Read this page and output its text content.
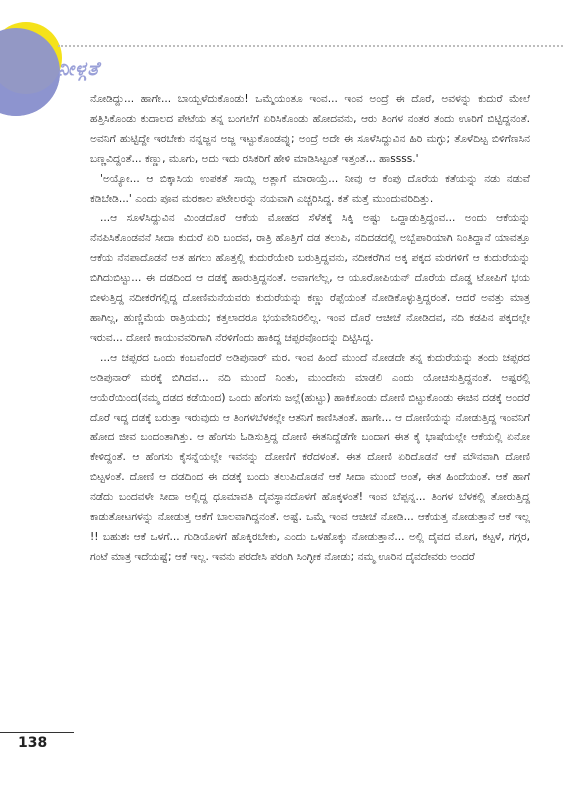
ನೀಳ್ಗತೆ

ನೋಡಿದ್ದು... ಹಾಗೇ... ಬಾಯ್ಬಳೆದುಕೊಂಡು! ಒಮ್ಮೆಯಂತೂ ಇಂವ... ಇಂವ ಅಂದ್ರೆ ಈ ದೊರೆ, ಅವಳನ್ನು ಕುದುರೆ ಮೇಲೆ ಹತ್ತಿಸಿಕೊಂಡು ಕುದಾಲದ ಪೇಟೆಯ ತನ್ನ ಬಂಗಲೆಗೆ ಏರಿಸಿಕೊಂಡು ಹೋದವನು, ಆರು ತಿಂಗಳ ನಂತರ ತಂದು ಊರಿಗೆ ಬಿಟ್ಟಿದ್ದನಂತೆ. ಅವನಿಗೆ ಹುಟ್ಟಿದ್ದೇ ಇರಬೇಕು ನನ್ನಜ್ಜನ ಅಜ್ಜ ಇಟ್ಟುಕೊಂಡವ್ನು; ಅಂದ್ರೆ ಅದೇ ಈ ಸೂಳೆಸಿದ್ದುವಿನ ಹಿರಿ ಮಗ್ಳು; ತೊಳೆದಿಟ್ಟ ಬಿಳಿಗೆಣಸಿನ ಬಣ್ಣವಿದ್ದಂತೆ... ಕಣ್ಣು, ಮೂಗು, ಅದು ಇದು ರಸಿಕರಿಗೆ ಹೇಳಿ ಮಾಡಿಸಿಟ್ಟಂತೆ ಇತ್ತಂತೆ... ಹಾssss.'

'ಅಯ್ಯೋ... ಆ ಬಿಕ್ಕಾಸಿಯ ಉಪಕತೆ ಸಾಯ್ಲಿ ಅತ್ಲಾಗೆ ಮಾರಾಯ್ರೆ... ನೀವು ಆ ಕೆಂಪು ದೊರೆಯ ಕತೆಯನ್ನು ನಡು ನಡುವೆ ಕಡಿಬೇಡಿ...' ಎಂದು ಪೂವ ಮರಕಾಲ ಪಟೇಲರನ್ನು ನಯವಾಗಿ ಎಚ್ಚರಿಸಿದ್ದ. ಕತೆ ಮತ್ತೆ ಮುಂದುವರಿದಿತ್ತು.

...ಆ ಸೂಳೆಸಿದ್ದುವಿನ ಮಿಂಡದೊರೆ ಆಕೆಯ ಮೋಹದ ಸೆಳೆತಕ್ಕೆ ಸಿಕ್ಕಿ ಅಷ್ಟು ಒದ್ದಾಡುತ್ತಿದ್ದಂವ... ಅಂದು ಆಕೆಯನ್ನು ನೆನಪಿಸಿಕೊಂಡವನೆ ಸೀದಾ ಕುದುರೆ ಏರಿ ಬಂದವ, ರಾತ್ರಿ ಹೊತ್ತಿಗೆ ದಡ ತಲುಪಿ, ನದಿದಡದಲ್ಲಿ ಅಬ್ಬೆಪಾರಿಯಾಗಿ ನಿಂತಿದ್ದಾನೆ ಯಾವತ್ತೂ ಆಕೆಯ ನೆನಪಾದೊಡನೆ ಅತ ಹಗಲು ಹೊತ್ತಲ್ಲಿ ಕುದುರೆಯೇರಿ ಬರುತ್ತಿದ್ದವನು, ನದೀಕರೆಗಿನ ಅಕ್ಕ ಪಕ್ಕದ ಮರಗಳಿಗೆ ಆ ಕುದುರೆಯನ್ನು ಬಿಗಿದುಬಿಟ್ಟು... ಈ ದಡದಿಂದ ಆ ದಡಕ್ಕೆ ಹಾರುತ್ತಿದ್ದನಂತೆ. ಅವಾಗಲೆಲ್ಲ, ಆ ಯೂರೋಪಿಯನ್ ದೊರೆಯ ದೊಡ್ಡ ಟೋಪಿಗೆ ಭಯ ಬೀಳುತ್ತಿದ್ದ ನದೀಕರೆಗಲ್ಲಿದ್ದ ದೋಣಿಮನೆಯವರು ಕುದುರೆಯನ್ನು ಕಣ್ಣು ರೆಪ್ಪೆಯಂತೆ ನೋಡಿಕೊಳ್ಳುತ್ತಿದ್ದರಂತೆ. ಆದರೆ ಅವತ್ತು ಮಾತ್ರ ಹಾಗಿಲ್ಲ, ಹುಣ್ಣಿಮೆಯ ರಾತ್ರಿಯದು; ಕತ್ತಲಾದರೂ ಭಯವೇನಿರಲಿಲ್ಲ. ಇಂವ ದೊರೆ ಆಚೀಚೆ ನೋಡಿದವ, ನದಿ ಕಡಪಿನ ಪಕ್ಕದಲ್ಲೇ ಇರುವ... ದೋಣಿ ಕಾಯುವವರಿಗಾಗಿ ನೆರಳಿಗೆಂದು ಹಾಕಿದ್ದ ಚಪ್ಪರವೊಂದನ್ನು ದಿಟ್ಟಿಸಿದ್ದ.

...ಆ ಚಪ್ಪರದ ಒಂದು ಕಂಬವೆಂದರೆ ಅಡಿಪುನಾರ್ ಮರ. ಇಂವ ಹಿಂದೆ ಮುಂದೆ ನೋಡದೇ ತನ್ನ ಕುದುರೆಯನ್ನು ತಂದು ಚಪ್ಪರದ ಅಡಿಪುನಾರ್ ಮರಕ್ಕೆ ಬಿಗಿದವ... ನದಿ ಮುಂದೆ ನಿಂತು, ಮುಂದೇನು ಮಾಡಲಿ ಎಂದು ಯೋಚಿಸುತ್ತಿದ್ದನಂತೆ. ಅಷ್ಟರಲ್ಲಿ ಆಯೆರೆಯಿಂದ(ನಮ್ಮ ದಡದ ಕಡೆಯಿಂದ) ಒಂದು ಹೆಂಗಸು ಜಲ್ಲೆ(ಹುಟ್ಟು) ಹಾಕಿಕೊಂಡು ದೋಣಿ ಬಿಟ್ಟುಕೊಂಡು ಈಚಿನ ದಡಕ್ಕೆ ಅಂದರೆ ದೊರೆ ಇದ್ದ ದಡಕ್ಕೆ ಬರುತ್ತಾ ಇರುವುದು ಆ ತಿಂಗಳಬೆಳಕಲ್ಲೇ ಆತನಿಗೆ ಕಾಣಿಸಿತಂತೆ. ಹಾಗೇ... ಆ ದೋಣಿಯನ್ನು ನೋಡುತ್ತಿದ್ದ ಇಂವನಿಗೆ ಹೋದ ಜೀವ ಬಂದಂತಾಗಿತ್ತು. ಆ ಹೆಂಗಸು ಓಡಿಸುತ್ತಿದ್ದ ದೋಣಿ ಈತನಿದ್ದೆಡೆಗೇ ಬಂದಾಗ ಈತ ಕೈ ಭಾಷೆಯಲ್ಲೇ ಆಕೆಯಲ್ಲಿ ಏನೋ ಕೇಳಿದ್ದಂತೆ. ಆ ಹೆಂಗಸು ಕೈಸನ್ನೆಯಲ್ಲೇ ಇವನನ್ನು ದೋಣಿಗೆ ಕರೆದಳಂತೆ. ಈತ ದೋಣಿ ಏರಿದೊಡನೆ ಆಕೆ ಮೌನವಾಗಿ ದೋಣಿ ಬಿಟ್ಟಳಂತೆ. ದೋಣಿ ಆ ದಡದಿಂದ ಈ ದಡಕ್ಕೆ ಬಂದು ತಲುಪಿದೊಡನೆ ಆಕೆ ಸೀದಾ ಮುಂದೆ ಅಂತೆ, ಈತ ಹಿಂದೆಯಂತೆ. ಆಕೆ ಹಾಗೆ ನಡೆದು ಬಂದವಳೇ ಸೀದಾ ಅಲ್ಲಿದ್ದ ಧೂಮಾವತಿ ದೈವಸ್ಥಾನದೊಳಗೆ ಹೊಕ್ಕಳಂತೆ! ಇಂವ ಬೆಪ್ಪನ್ನ... ತಿಂಗಳ ಬೆಳಕಲ್ಲಿ ತೋರುತ್ತಿದ್ದ ಕಾಡುತೋಟಗಳನ್ನು ನೋಡುತ್ತ ಆಕೆಗೆ ಬಾಲವಾಗಿದ್ದನಂತೆ. ಅಷ್ಟೆ. ಒಮ್ಮೆ ಇಂವ ಆಚೀಚೆ ನೋಡಿ... ಆಕೆಯತ್ತ ನೋಡುತ್ತಾನೆ ಆಕೆ ಇಲ್ಲ !! ಬಹುಶಃ ಆಕೆ ಒಳಗೆ... ಗುಡಿಯೊಳಗೆ ಹೊಕ್ಕಿರಬೇಕು, ಎಂದು ಒಳಹೊಕ್ಕು ನೋಡುತ್ತಾನೆ... ಅಲ್ಲಿ ದೈವದ ಮೊಗ, ಕಟ್ಟಳೆ, ಗಗ್ಗರ, ಗಂಟೆ ಮಾತ್ರ ಇದೆಯಷ್ಟೆ; ಆಕೆ ಇಲ್ಲ. ಇವನು ಪರದೇಸಿ ಪರಂಗಿ ಸಿಂಗ್ಳೀಕ ನೋಡು; ನಮ್ಮ ಊರಿನ ದೈವದೇವರು ಅಂದರೆ

138
